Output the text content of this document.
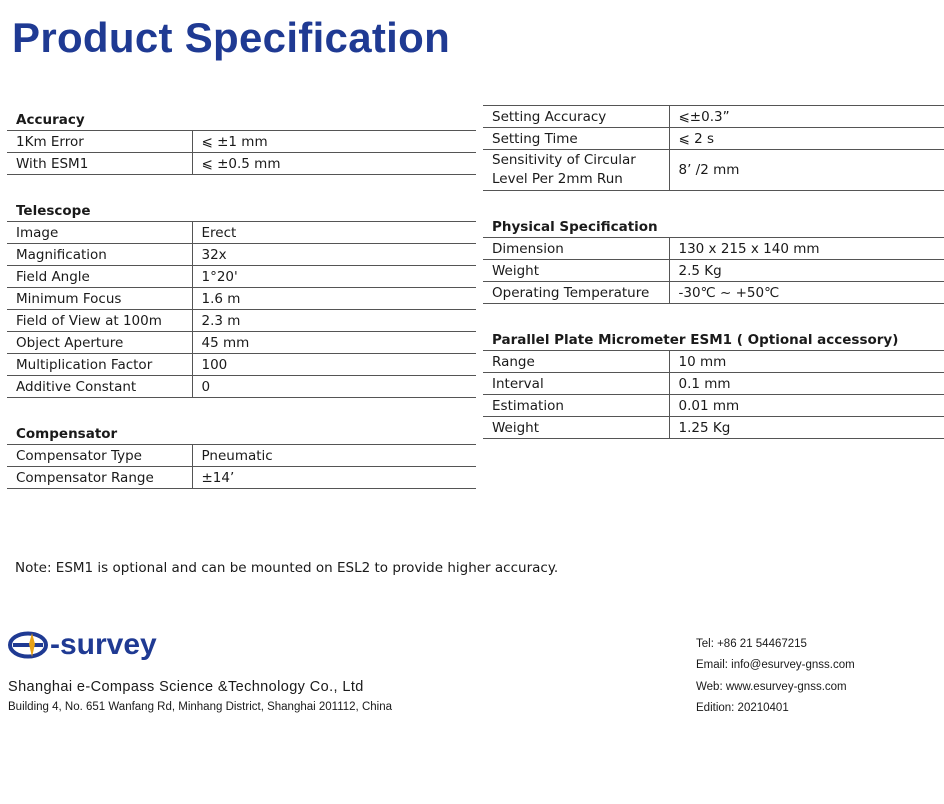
Product Specification
Accuracy	
1Km Error	⩽ ±1 mm
With ESM1	⩽ ±0.5 mm

Telescope	
Image	Erect
Magnification	32x
Field Angle	1°20'
Minimum Focus	1.6 m
Field of View at 100m	2.3 m
Object Aperture	45 mm
Multiplication Factor	100
Additive Constant	0

Compensator	
Compensator Type	Pneumatic
Compensator Range	±14’
Setting Accuracy	⩽±0.3”
Setting Time	⩽ 2 s
Sensitivity of Circular Level Per 2mm Run	8’ /2 mm

Physical Specification	
Dimension	130 x 215 x 140 mm
Weight	2.5 Kg
Operating Temperature	-30℃ ~ +50℃

Parallel Plate Micrometer ESM1 ( Optional accessory)	
Range	10 mm
Interval	0.1 mm
Estimation	0.01 mm
Weight	1.25 Kg
Note: ESM1 is optional and can be mounted on ESL2 to provide higher accuracy.
-survey
Shanghai e-Compass Science &Technology Co., Ltd
Building 4, No. 651 Wanfang Rd, Minhang District, Shanghai 201112, China
Tel: +86 21 54467215
Email: info@esurvey-gnss.com
Web: www.esurvey-gnss.com
Edition: 20210401
